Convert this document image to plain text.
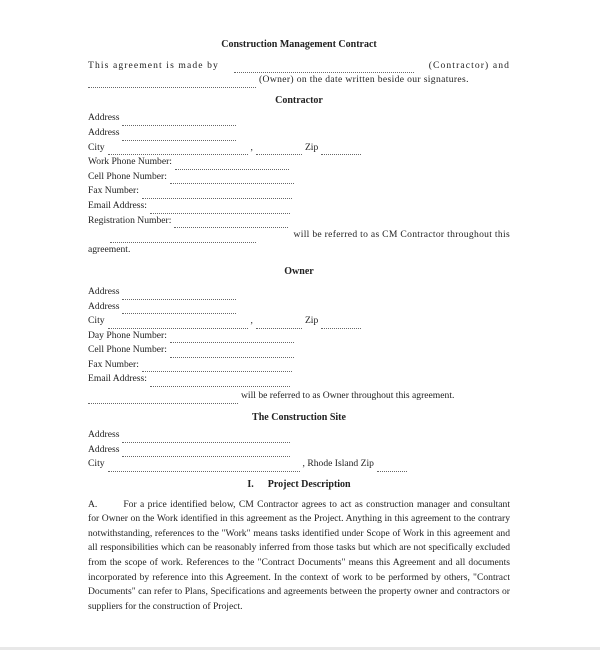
Construction Management Contract
This agreement is made by	(Contractor) and
(Owner) on the date written beside our signatures.
Contractor
Address
Address
City	,	Zip
Work Phone Number:
Cell Phone Number:
Fax Number:
Email Address:
Registration Number:
will be referred to as CM Contractor throughout this
agreement.
Owner
Address
Address
City	,	Zip
Day Phone Number:
Cell Phone Number:
Fax Number:
Email Address:
will be referred to as Owner throughout this agreement.
The Construction Site
Address
Address
City	, Rhode Island Zip
I. Project Description
A.	For a price identified below, CM Contractor agrees to act as construction manager and consultant for Owner on the Work identified in this agreement as the Project. Anything in this agreement to the contrary notwithstanding, references to the "Work" means tasks identified under Scope of Work in this agreement and all responsibilities which can be reasonably inferred from those tasks but which are not specifically excluded from the scope of work. References to the "Contract Documents" means this Agreement and all documents incorporated by reference into this Agreement. In the context of work to be performed by others, "Contract Documents" can refer to Plans, Specifications and agreements between the property owner and contractors or suppliers for the construction of Project.
